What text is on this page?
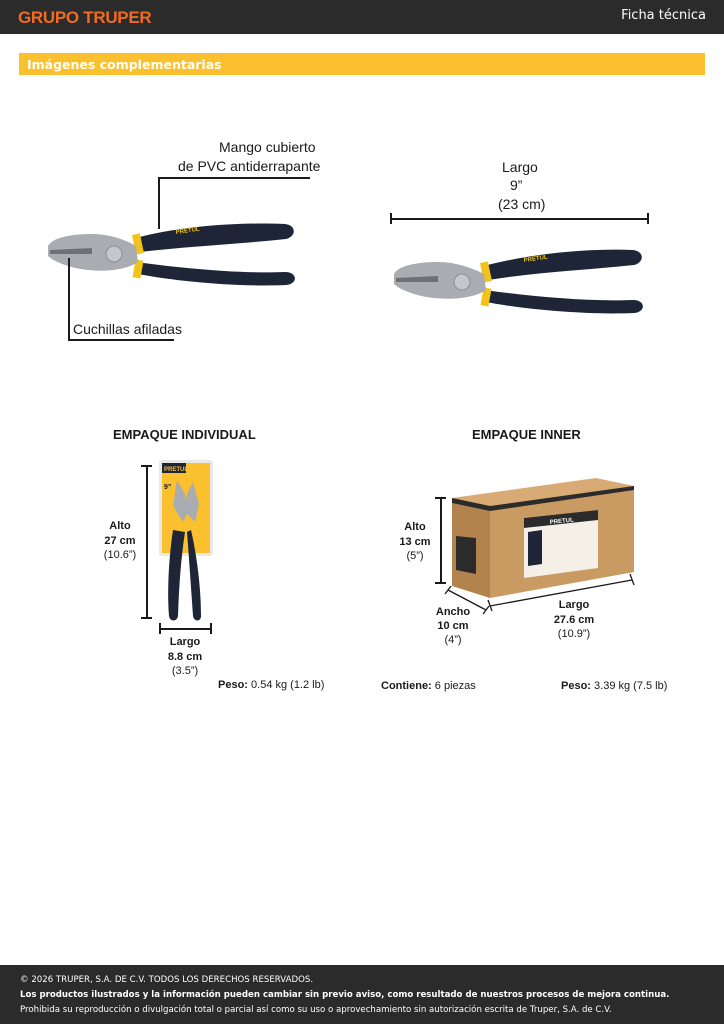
GRUPO TRUPER	Ficha técnica
Imágenes complementarias
PRETUL
Mango cubierto
de PVC antiderrapante
Cuchillas afiladas
Largo
9”
(23 cm)
PRETUL
EMPAQUE INDIVIDUAL
PRETUL
9”
Alto
27 cm
(10.6”)
Largo
8.8 cm
(3.5”)
Peso: 0.54 kg (1.2 lb)
EMPAQUE INNER
PRETUL
Alto
13 cm
(5”)
Ancho
10 cm
(4”)
Largo
27.6 cm
(10.9”)
Contiene: 6 piezas	Peso: 3.39 kg (7.5 lb)
© 2026 TRUPER, S.A. DE C.V. TODOS LOS DERECHOS RESERVADOS.
Los productos ilustrados y la información pueden cambiar sin previo aviso, como resultado de nuestros procesos de mejora continua.
Prohibida su reproducción o divulgación total o parcial así como su uso o aprovechamiento sin autorización escrita de Truper, S.A. de C.V.
